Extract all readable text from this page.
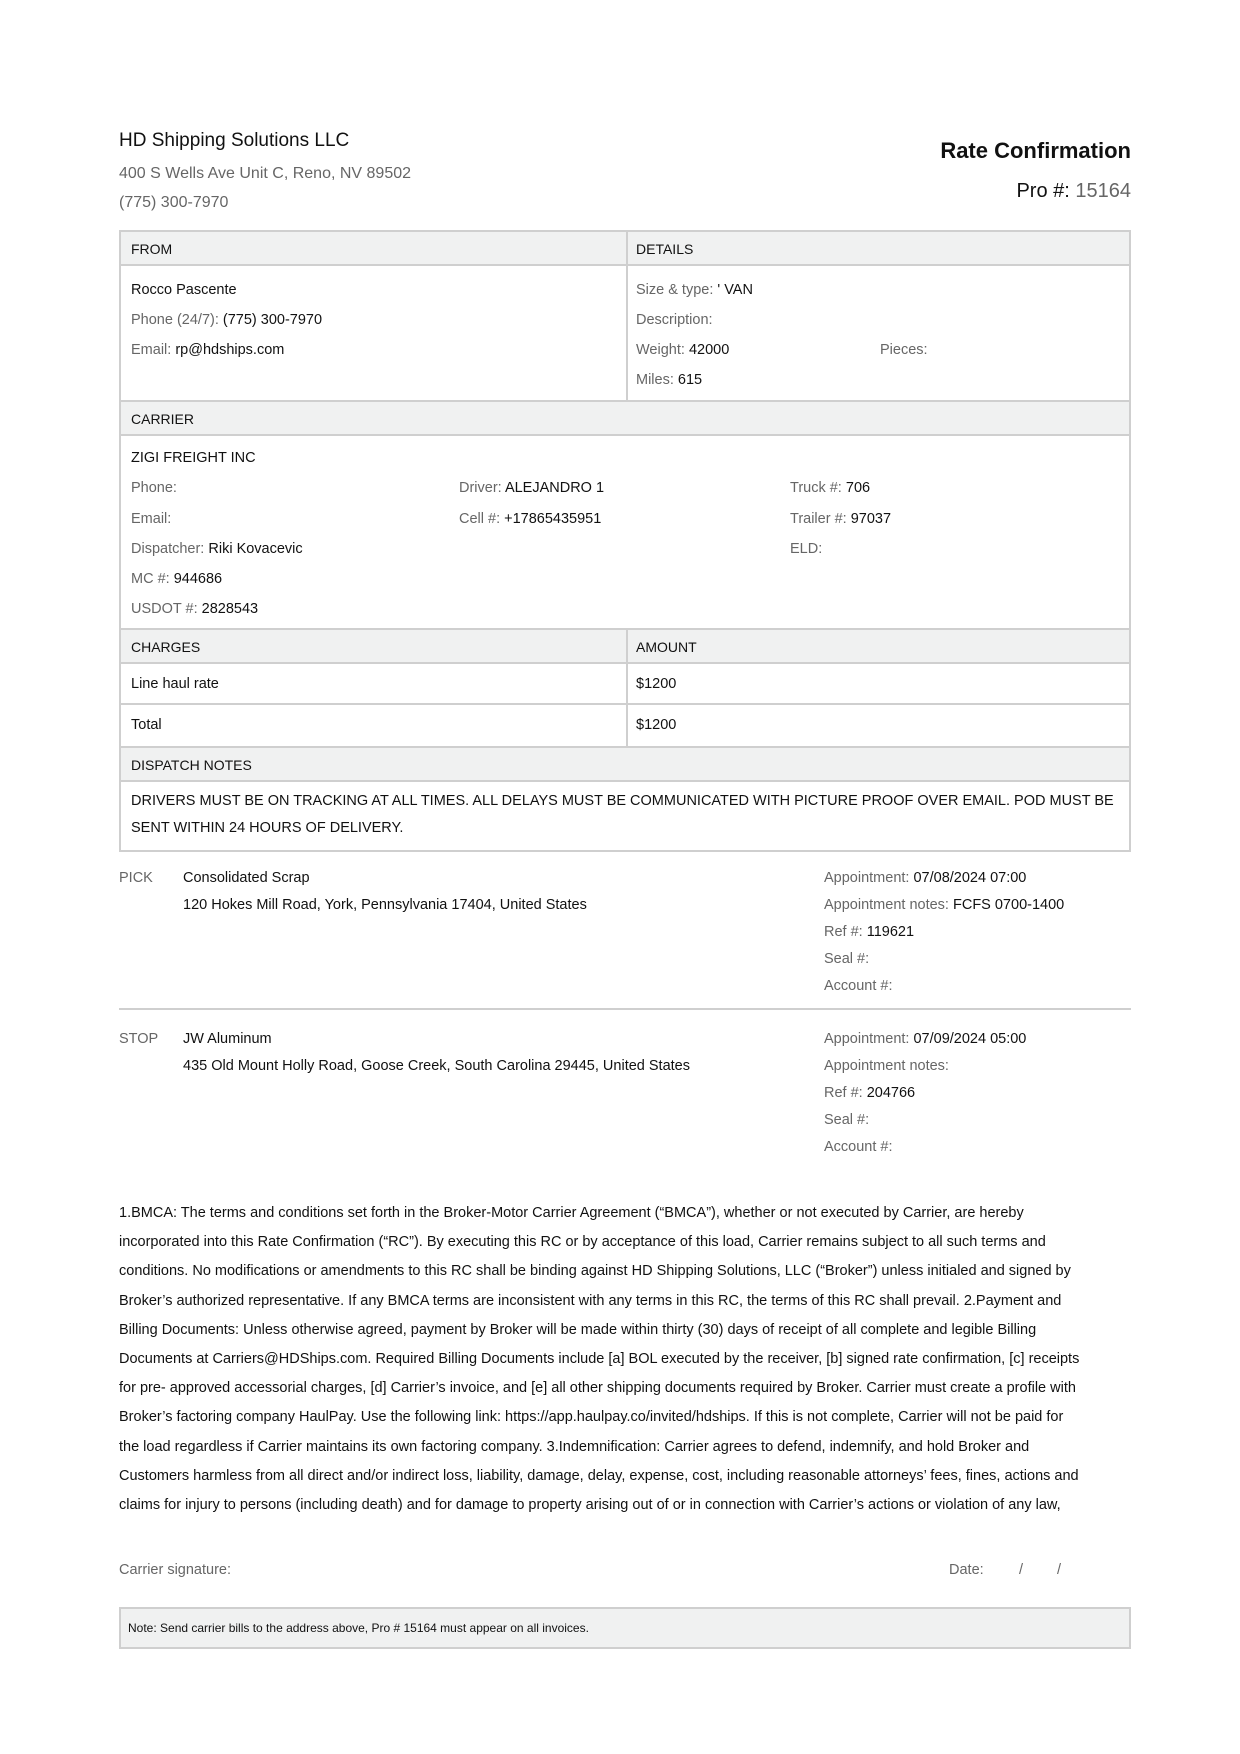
HD Shipping Solutions LLC
400 S Wells Ave Unit C, Reno, NV 89502
(775) 300-7970
Rate Confirmation
Pro #: 15164
FROM	DETAILS
Rocco Pascente
Phone (24/7): (775) 300-7970
Email: rp@hdships.com
Size & type: ' VAN
Description:
Weight: 42000	Pieces:
Miles: 615
CARRIER
ZIGI FREIGHT INC
Phone:
Email:
Dispatcher: Riki Kovacevic
MC #: 944686
USDOT #: 2828543
Driver: ALEJANDRO 1
Cell #: +17865435951
Truck #: 706
Trailer #: 97037
ELD:
CHARGES	AMOUNT
Line haul rate	$1200
Total	$1200
DISPATCH NOTES
DRIVERS MUST BE ON TRACKING AT ALL TIMES. ALL DELAYS MUST BE COMMUNICATED WITH PICTURE PROOF OVER EMAIL. POD MUST BE
SENT WITHIN 24 HOURS OF DELIVERY.
PICK Consolidated Scrap
120 Hokes Mill Road, York, Pennsylvania 17404, United States
Appointment: 07/08/2024 07:00
Appointment notes: FCFS 0700-1400
Ref #: 119621
Seal #:
Account #:
STOP JW Aluminum
435 Old Mount Holly Road, Goose Creek, South Carolina 29445, United States
Appointment: 07/09/2024 05:00
Appointment notes:
Ref #: 204766
Seal #:
Account #:
1.BMCA: The terms and conditions set forth in the Broker-Motor Carrier Agreement (“BMCA”), whether or not executed by Carrier, are hereby
incorporated into this Rate Confirmation (“RC”). By executing this RC or by acceptance of this load, Carrier remains subject to all such terms and
conditions. No modifications or amendments to this RC shall be binding against HD Shipping Solutions, LLC (“Broker”) unless initialed and signed by
Broker’s authorized representative. If any BMCA terms are inconsistent with any terms in this RC, the terms of this RC shall prevail. 2.Payment and
Billing Documents: Unless otherwise agreed, payment by Broker will be made within thirty (30) days of receipt of all complete and legible Billing
Documents at Carriers@HDShips.com. Required Billing Documents include [a] BOL executed by the receiver, [b] signed rate confirmation, [c] receipts
for pre- approved accessorial charges, [d] Carrier’s invoice, and [e] all other shipping documents required by Broker. Carrier must create a profile with
Broker’s factoring company HaulPay. Use the following link: https://app.haulpay.co/invited/hdships. If this is not complete, Carrier will not be paid for
the load regardless if Carrier maintains its own factoring company. 3.Indemnification: Carrier agrees to defend, indemnify, and hold Broker and
Customers harmless from all direct and/or indirect loss, liability, damage, delay, expense, cost, including reasonable attorneys’ fees, fines, actions and
claims for injury to persons (including death) and for damage to property arising out of or in connection with Carrier’s actions or violation of any law,
Carrier signature:	Date: / /
Note: Send carrier bills to the address above, Pro # 15164 must appear on all invoices.
